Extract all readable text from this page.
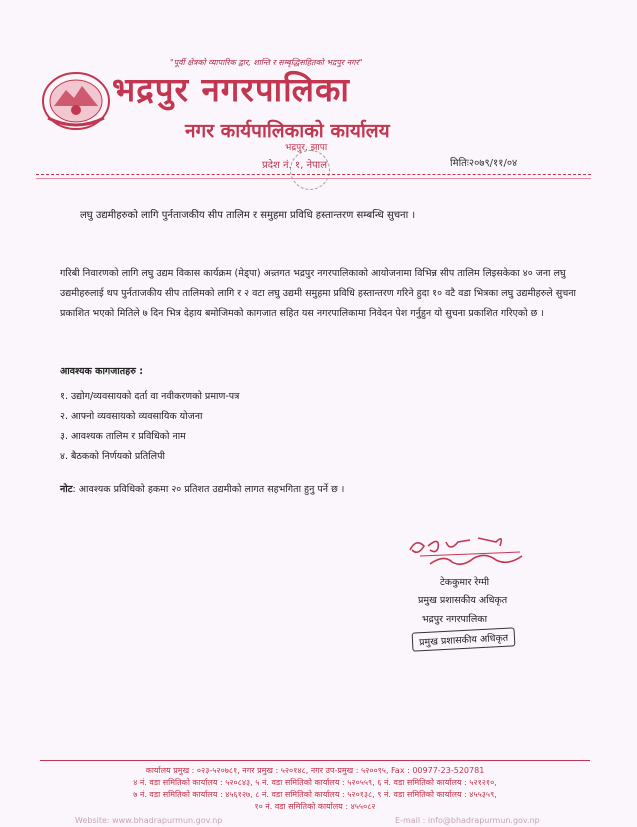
"पूर्वी क्षेत्रको व्यापारिक द्वार, शान्ति र सम्बृद्धिसहितको भद्रपुर नगर"
भद्रपुर नगरपालिका
नगर कार्यपालिकाको कार्यालय
भद्रपुर, झापा
प्रदेश नं. १, नेपाल	मितिः२०७९/११/०४
लघु उद्यमीहरुको लागि पुर्नताजकीय सीप तालिम र समुहमा प्रविधि हस्तान्तरण सम्बन्धि सुचना ।
गरिबी निवारणको लागि लघु उद्यम विकास कार्यक्रम (मेड्पा) अन्र्तगत भद्रपुर नगरपालिकाको आयोजनामा विभिन्न सीप तालिम लिइसकेका ४० जना लघु उद्यमीहरुलाई थप पुर्नताजकीय सीप तालिमको लागि र २ वटा लघु उद्यमी समुहमा प्रविधि हस्तान्तरण गरिने हुदा १० वटै वडा भित्रका लघु उद्यमीहरुले सुचना प्रकाशित भएको मितिले ७ दिन भित्र देहाय बमोजिमको कागजात सहित यस नगरपालिकामा निवेदन पेश गर्नुहुन यो सुचना प्रकाशित गरिएको छ ।
आवश्यक कागजातहरु :
१. उद्योग/व्यवसायको दर्ता वा नवीकरणको प्रमाण-पत्र
२. आफ्नो व्यवसायको व्यवसायिक योजना
३. आवश्यक तालिम र प्रविधिको नाम
४. बैठकको निर्णयको प्रतिलिपी
नोट: आवश्यक प्रविधिको हकमा २० प्रतिशत उद्यमीको लागत सहभगिता हुनु पर्ने छ ।
टेककुमार रेग्मी
प्रमुख प्रशासकीय अधिकृत
भद्रपुर नगरपालिका
प्रमुख प्रशासकीय अधिकृत
कार्यालय प्रमुख : ०२३-५२०७८१, नगर प्रमुख : ५२०१४८, नगर उप-प्रमुख : ५२००९५, Fax : 00977-23-520781
४ नं. वडा समितिको कार्यालय : ५२०८४३, ५ नं. वडा समितिको कार्यालय : ५२०५५९, ६ नं. वडा समितिको कार्यालय : ५२१२१०,
७ नं. वडा समितिको कार्यालय : ४५६१२७, ८ नं. वडा समितिको कार्यालय : ५२०१३८, ९ नं. वडा समितिको कार्यालय : ४५५३५९,
१० नं. वडा समितिको कार्यालय : ४५५०८२
Website: www.bhadrapurmun.gov.np	E-mail : info@bhadrapurmun.gov.np
